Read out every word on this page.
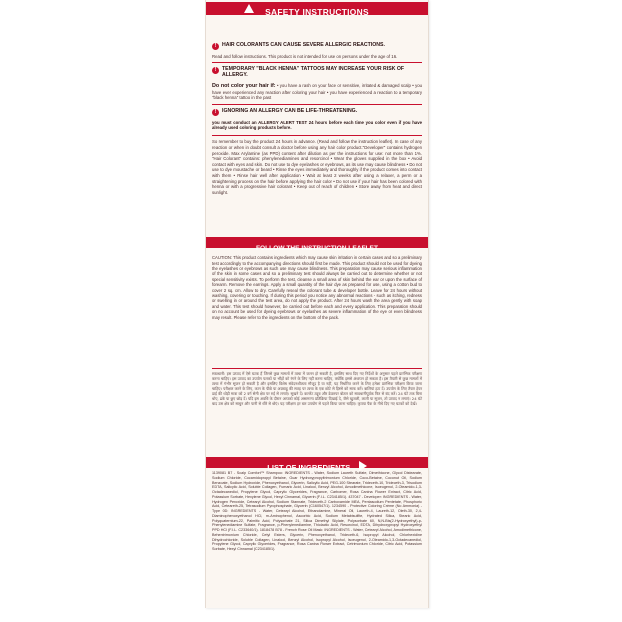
SAFETY INSTRUCTIONS
!	HAIR COLORANTS CAN CAUSE SEVERE ALLERGIC REACTIONS.

Read and follow instructions. This product is not intended for use on persons under the age of 16.

!	TEMPORARY "BLACK HENNA" TATTOOS MAY INCREASE YOUR RISK OF ALLERGY.

Do not color your hair if: • you have a rash on your face or sensitive, irritated & damaged scalp • you have ever experienced any reaction after coloring your hair • you have experienced a reaction to a temporary "black henna" tattoo in the past

!	IGNORING AN ALLERGY CAN BE LIFE-THREATENING.

you must conduct an ALLERGY ALERT TEST 24 hours before each time you color even if you have already used coloring products before.

So remember to buy the product 24 hours in advance. (Read and follow the instruction leaflet). In case of any reaction or when in doubt consult a doctor before using any hair color product."Developer" contains hydrogen peroxide. Max Arylamine (as PPD) content after dilution as per the instructions for use: not more than 1%. "Hair Colorant" contains: phenylenediamines and resorcinol • Wear the gloves supplied in the box • Avoid contact with eyes and skin. Do not use to dye eyelashes or eyebrows, as its use may cause blindness • Do not use to dye moustache or beard • Rinse the eyes immediately and thoroughly if the product comes into contact with them • Rinse hair well after application • Wait at least 2 weeks after using a relaxer, a perm or a straightening process on the hair before applying the hair color • Do not use if your hair has been colored with henna or with a progressive hair colorant • Keep out of reach of children • Store away from heat and direct sunlight.

FOLLOW THE INSTRUCTION LEAFLET

CAUTION: This product contains ingredients which may cause skin irritation in certain cases and so a preliminary test accordingly to the accompanying directions should first be made. This product should not be used for dyeing the eyelashes or eyebrows as such use may cause blindness. This preparation may cause serious inflammation of the skin in some cases and so a preliminary test should always be carried out to determine whether or not special sensitivity exists. To perform the test, cleanse a small area of skin behind the ear or upon the surface of forearm. Remove the earrings. Apply a small quantity of the hair dye as prepared for use, using a cotton bud to cover 2 sq. cm. Allow to dry. Carefully reseal the colorant tube & developer bottle. Leave for 24 hours without washing, covering or touching. If during this period you notice any abnormal reactions - such as itching, redness or swelling in or around the test area, do not apply the product. After 24 hours wash the area gently with soap and water. This test should however, be carried out before each and every application. This preparation should on no account be used for dyeing eyebrows or eyelashes as severe inflammation of the eye or even blindness may result. Please refer to the ingredients on the bottom of the pack.

सावधानी: इस उत्पाद में ऐसे घटक हैं जिनसे कुछ मामलों में त्वचा में जलन हो सकती है, इसलिए साथ दिए गए निर्देशों के अनुसार पहले प्रारंभिक परीक्षण करना चाहिए। इस उत्पाद का उपयोग पलकों या भौंहों को रंगने के लिए नहीं करना चाहिए, क्योंकि इससे अंधापन हो सकता है। इस तैयारी से कुछ मामलों में त्वचा में गंभीर सूजन हो सकती है और इसलिए विशेष संवेदनशीलता मौजूद है या नहीं, यह निर्धारित करने के लिए हमेशा प्रारंभिक परीक्षण किया जाना चाहिए। परीक्षण करने के लिए, कान के पीछे या अग्रबाहु की सतह पर त्वचा के एक छोटे से हिस्से को साफ करें। बालियां हटा दें। उपयोग के लिए तैयार हेयर डाई की थोड़ी मात्रा को 2 वर्ग सेमी क्षेत्र पर रुई से लगाएं। सूखने दें। कलरेंट ट्यूब और डेवलपर बोतल को सावधानीपूर्वक फिर से बंद करें। 24 घंटे तक बिना धोए, ढके या छुए छोड़ दें। यदि इस अवधि के दौरान आपको कोई असामान्य प्रतिक्रिया दिखाई दे, जैसे खुजली, लाली या सूजन, तो उत्पाद न लगाएं। 24 घंटे बाद उस क्षेत्र को साबुन और पानी से धीरे से धोएं। यह परीक्षण हर बार उपयोग से पहले किया जाना चाहिए। कृपया पैक के नीचे दिए गए घटकों को देखें।

LIST OF INGREDIENTS

1139081 B7 - Scalp Comfort™ Shampoo: INGREDIENTS - Water, Sodium Laureth Sulfate, Dimethicone, Glycol Distearate, Sodium Chloride, Cocamidopropyl Betaine, Guar Hydroxypropyltrimonium Chloride, Coco-Betaine, Coconut Oil, Sodium Benzoate, Sodium Hydroxide, Phenoxyethanol, Glycerin, Salicylic Acid, PEG-100 Stearate, Trideceth-10, Trideceth-3, Trisodium EDTA, Salicylic Acid, Soluble Collagen, Fumaric Acid, Linalool, Benzyl Alcohol, Amodimethicone, Isoeugenol, 2-Oleamido-1,3-Octadecanediol, Propylene Glycol, Caprylic Glycerides, Fragrance, Carbomer, Rosa Canina Flower Extract, Citric Acid, Potassium Sorbate, Hexylene Glycol, Hexyl Cinnamal, Glycerin (F.I.L. C234185/1). 437047 - Developer: INGREDIENTS - Water, Hydrogen Peroxide, Cetearyl Alcohol, Sodium Stannate, Trideceth-2 Carboxamide MEA, Pentasodium Pentetate, Phosphoric Acid, Ceteareth-25, Tetrasodium Pyrophosphate, Glycerin (C160547/1). 1234590 - Protective Coloring Crème (No Ammonia) - Type 0D: INGREDIENTS - Water, Cetearyl Alcohol, Ethanolamine, Mineral Oil, Laureth-4, Laureth-12, Oleth-30, 2,4-Diaminophenoxyethanol HCl, m-Aminophenol, Ascorbic Acid, Sodium Metabisulfite, Hydrated Silica, Stearic Acid, Polyquaternium-22, Palmitic Acid, Polysorbate 21, Silica Dimethyl Silylate, Polysorbate 60, N,N-Bis(2-Hydroxyethyl)-p-Phenylenediamine Sulfate, Fragrance, p-Phenylenediamine, Thiolactic Acid, Resorcinol, EDTA, Dihydroxypropyl Hydroxyethyl PPD HCl (F.I.L. C233640/1). 1818478 B78 - French Rose Oil Mask: INGREDIENTS - Water, Cetearyl Alcohol, Amodimethicone, Behentrimonium Chloride, Cetyl Esters, Glycerin, Phenoxyethanol, Trideceth-6, Isopropyl Alcohol, Chlorhexidine Dihydrochloride, Soluble Collagen, Linalool, Benzyl Alcohol, Isopropyl Alcohol, Isoeugenol, 2-Oleamido-1,3-Octadecanediol, Propylene Glycol, Caprylic Glycerides, Fragrance, Rosa Canina Flower Extract, Cetrimonium Chloride, Citric Acid, Potassium Sorbate, Hexyl Cinnamal (C234185/1).
